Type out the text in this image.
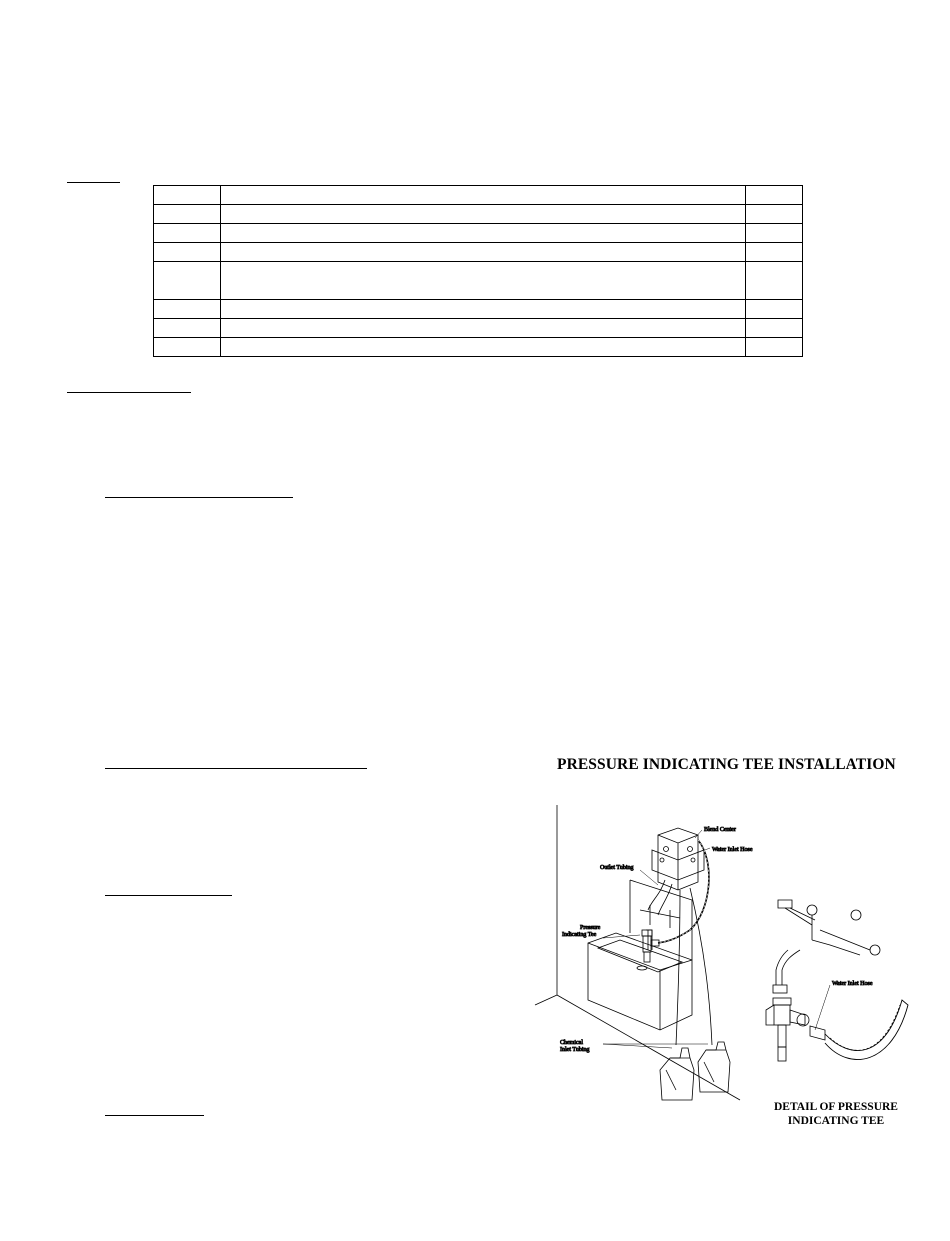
PRESSURE INDICATING TEE INSTALLATION
Blend Center
Water Inlet Hose
Outlet Tubing
Pressure
Indicating Tee
Chemical
Inlet Tubing
Water Inlet Hose
DETAIL OF PRESSURE
INDICATING TEE
